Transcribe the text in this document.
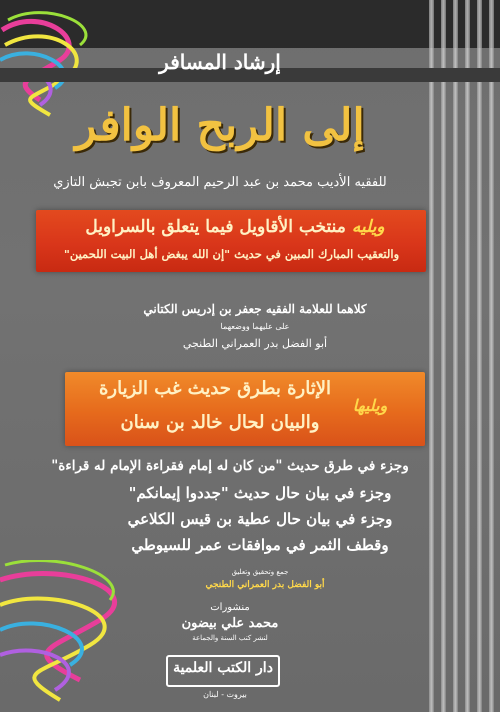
إرشاد المسافر
إلى الربح الوافر
للفقيه الأديب محمد بن عبد الرحيم المعروف بابن تجبش التازي
ويليه منتخب الأقاويل فيما يتعلق بالسراويل
والتعقيب المبارك المبين في حديث "إن الله يبغض أهل البيت اللحمين"
كلاهما للعلامة الفقيه جعفر بن إدريس الكتاني
على عليهما ووضعهما
أبو الفضل بدر العمراني الطنجي
ويليها
الإثارة بطرق حديث غب الزيارة
والبيان لحال خالد بن سنان
وجزء في طرق حديث "من كان له إمام فقراءة الإمام له قراءة"
وجزء في بيان حال حديث "جددوا إيمانكم"
وجزء في بيان حال عطية بن قيس الكلاعي
وقطف الثمر في موافقات عمر للسيوطي
جمع وتحقيق وتعليق
أبو الفضل بدر العمراني الطنجي
منشورات
محمد علي بيضون
لنشر كتب السنة والجماعة
دار الكتب العلمية
بيروت - لبنان
